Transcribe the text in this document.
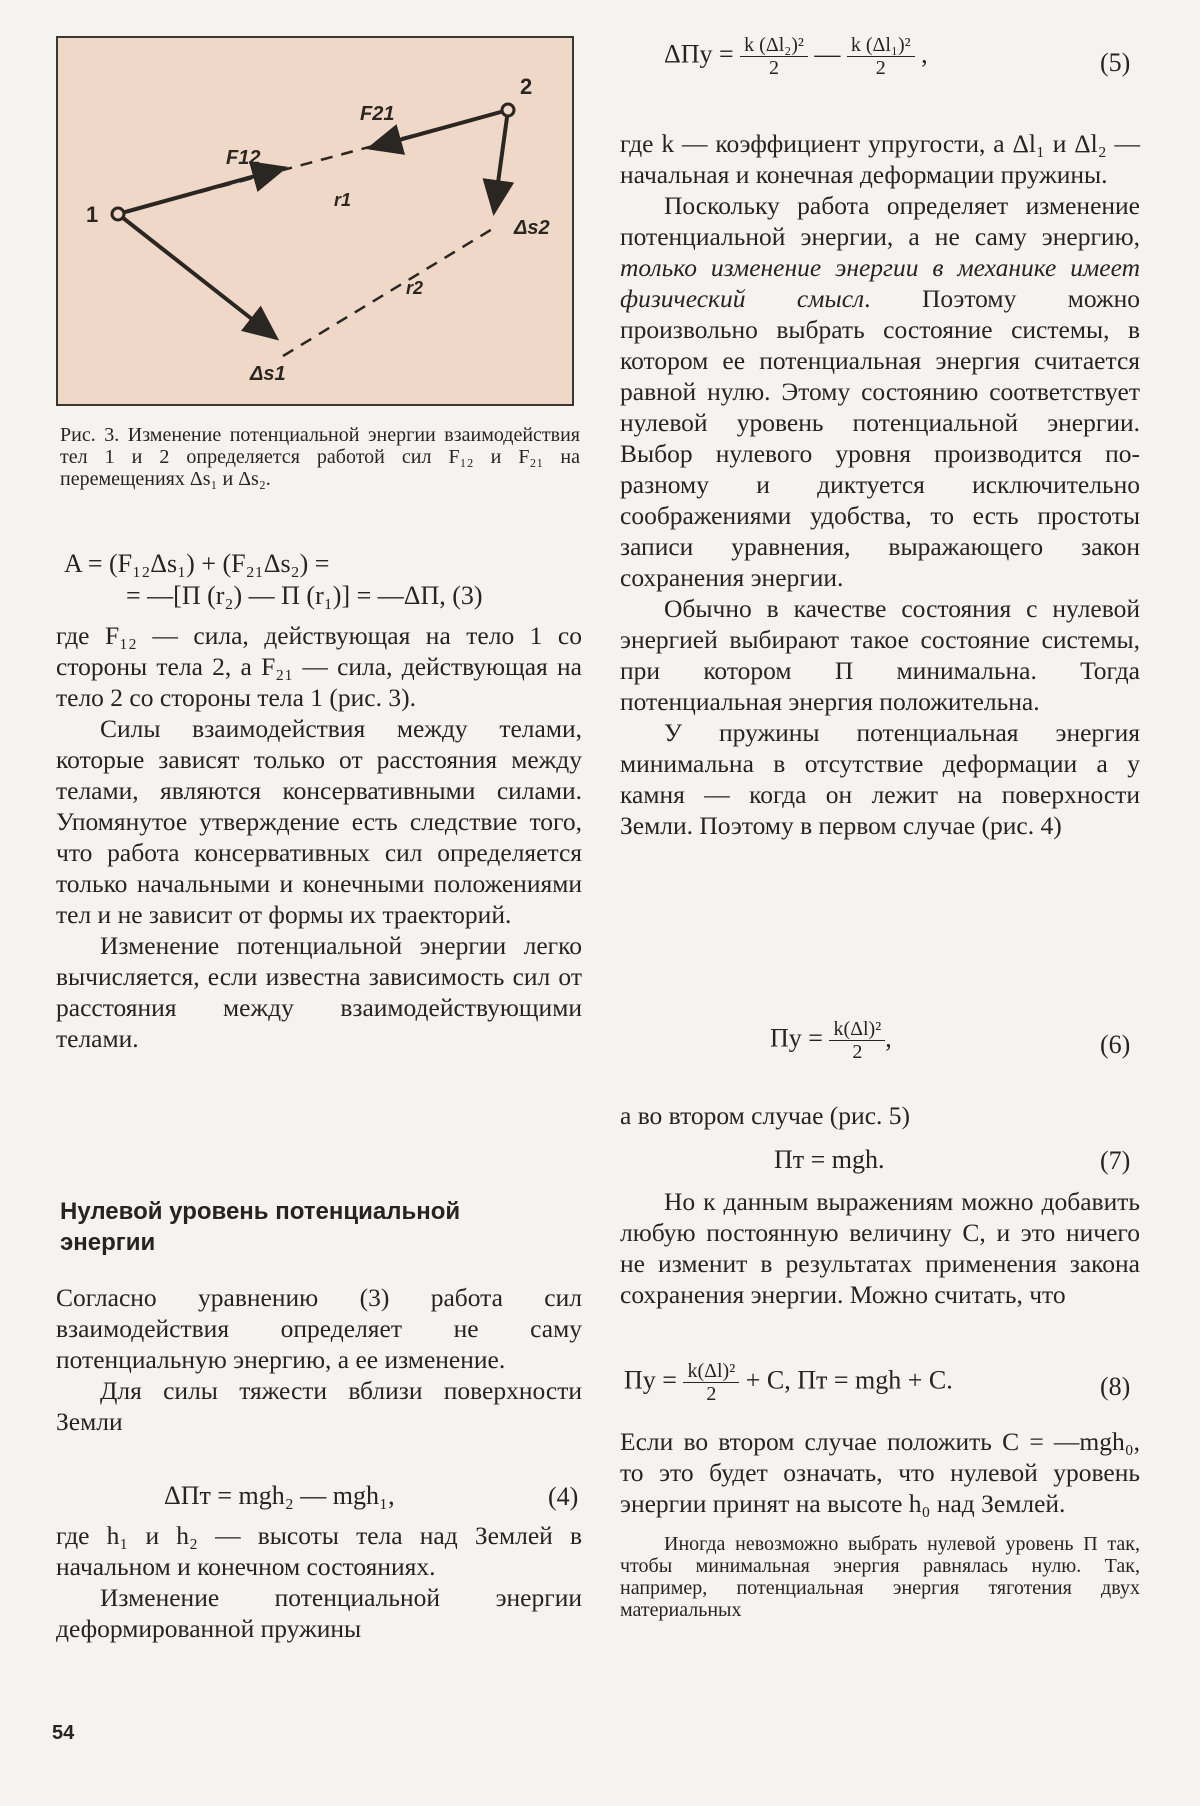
1
2
F12
F21
r1
r2
Δs1
Δs2
Рис. 3. Изменение потенциальной энергии взаимодействия тел 1 и 2 определяется работой сил F₁₂ и F₂₁ на перемещениях Δs₁ и Δs₂.
A = (F₁₂Δs₁) + (F₂₁Δs₂) =
= —[П (r₂) — П (r₁)] = —ΔП, (3)

где F₁₂ — сила, действующая на тело 1 со стороны тела 2, а F₂₁ — сила, действующая на тело 2 со стороны тела 1 (рис. 3).

Силы взаимодействия между телами, которые зависят только от расстояния между телами, являются консервативными силами. Упомянутое утверждение есть следствие того, что работа консервативных сил определяется только начальными и конечными положениями тел и не зависит от формы их траекторий.

Изменение потенциальной энергии легко вычисляется, если известна зависимость сил от расстояния между взаимодействующими телами.

Нулевой уровень потенциальной энергии

Согласно уравнению (3) работа сил взаимодействия определяет не саму потенциальную энергию, а ее изменение.

Для силы тяжести вблизи поверхности Земли

ΔПт = mgh₂ — mgh₁,	(4)

где h₁ и h₂ — высоты тела над Землей в начальном и конечном состояниях.

Изменение потенциальной энергии деформированной пружины

$\Delta Пу = \frac{\text{k (Δl₂)²}}{2}$ — $\frac{\text{k (Δl₁)²}}{2}$ ,	(5)

где k — коэффициент упругости, а Δl₁ и Δl₂ — начальная и конечная деформации пружины.

Поскольку работа определяет изменение потенциальной энергии, а не саму энергию, только изменение энергии в механике имеет физический смысл. Поэтому можно произвольно выбрать состояние системы, в котором ее потенциальная энергия считается равной нулю. Этому состоянию соответствует нулевой уровень потенциальной энергии. Выбор нулевого уровня производится по-разному и диктуется исключительно соображениями удобства, то есть простоты записи уравнения, выражающего закон сохранения энергии.

Обычно в качестве состояния с нулевой энергией выбирают такое состояние системы, при котором П минимальна. Тогда потенциальная энергия положительна.

У пружины потенциальная энергия минимальна в отсутствие деформации а у камня — когда он лежит на поверхности Земли. Поэтому в первом случае (рис. 4)

Пу = $\frac{\text{k(Δl)²}}{2}$ ,	(6)

а во втором случае (рис. 5)

Пт = mgh.	(7)

Но к данным выражениям можно добавить любую постоянную величину C, и это ничего не изменит в результатах применения закона сохранения энергии. Можно считать, что

Пу = $\frac{\text{k(Δl)²}}{2} + C$, Пт = mgh + C.	(8)

Если во втором случае положить C = —mgh₀, то это будет означать, что нулевой уровень энергии принят на высоте h₀ над Землей.

Иногда невозможно выбрать нулевой уровень П так, чтобы минимальная энергия равнялась нулю. Так, например, потенциальная энергия тяготения двух материальных

54
